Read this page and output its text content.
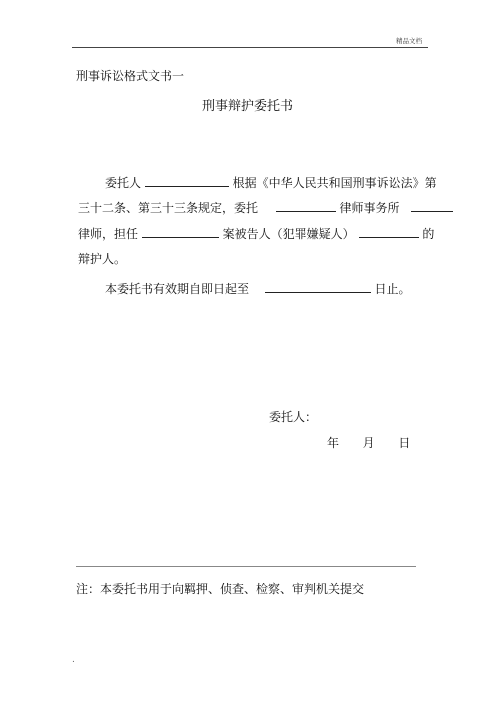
精品文档
刑事诉讼格式文书一
刑事辩护委托书
委托人	根据《中华人民共和国刑事诉讼法》第
三十二条、第三十三条规定，委托	律师事务所
律师，担任	案被告人（犯罪嫌疑人）	的
辩护人。
本委托书有效期自即日起至	日止。
委托人：
年 月 日
注：本委托书用于向羁押、侦查、检察、审判机关提交
.
